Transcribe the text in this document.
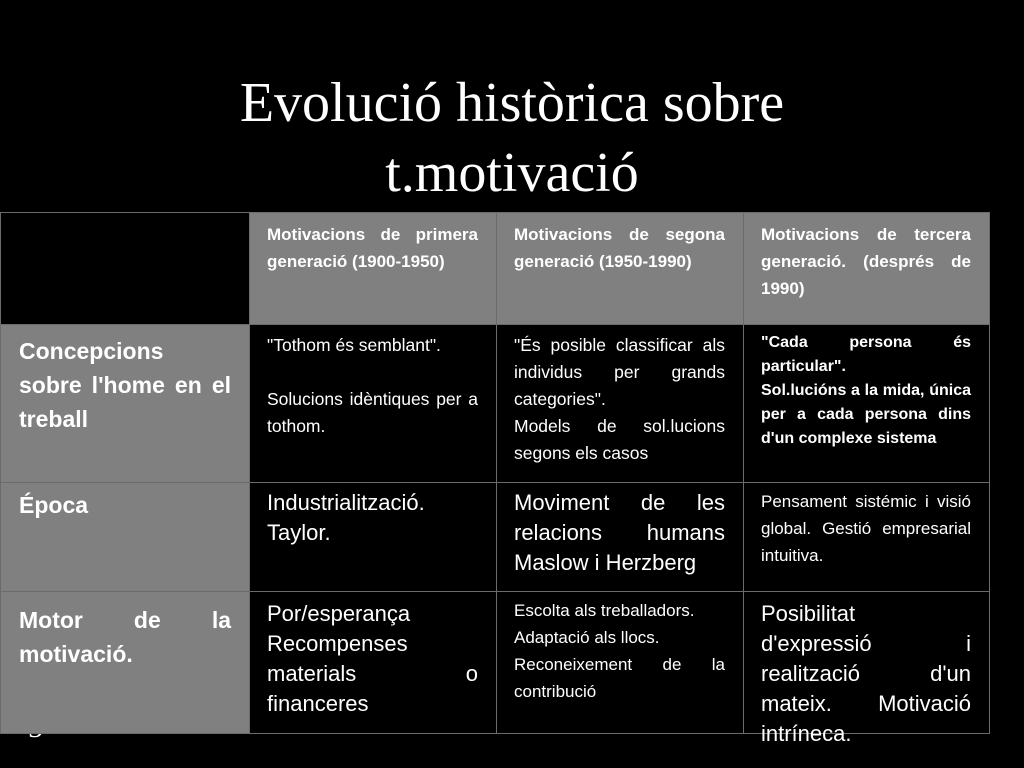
Evolució històrica sobre
t.motivació
Motivacions de primera generació (1900-1950)
Motivacions de segona generació (1950-1990)
Motivacions de tercera generació. (després de 1990)
Concepcions sobre l'home en el treball
"Tothom és semblant".
Solucions idèntiques per a tothom.
"És posible classificar als individus per grands categories".
Models de sol.lucions segons els casos
"Cada persona és particular".
Sol.lucións a la mida, única per a cada persona dins d'un complexe sistema
Época	Industrialització. Taylor.
Moviment de les relacions humans Maslow i Herzberg
Pensament sistémic i visió global. Gestió empresarial intuitiva.
Motor de la motivació.
Por/esperança Recompenses materials o financeres
Escolta als treballadors.
Adaptació als llocs.
Reconeixement de la contribució
Posibilitat d'expressió i realització d'un mateix. Motivació intríneca.
